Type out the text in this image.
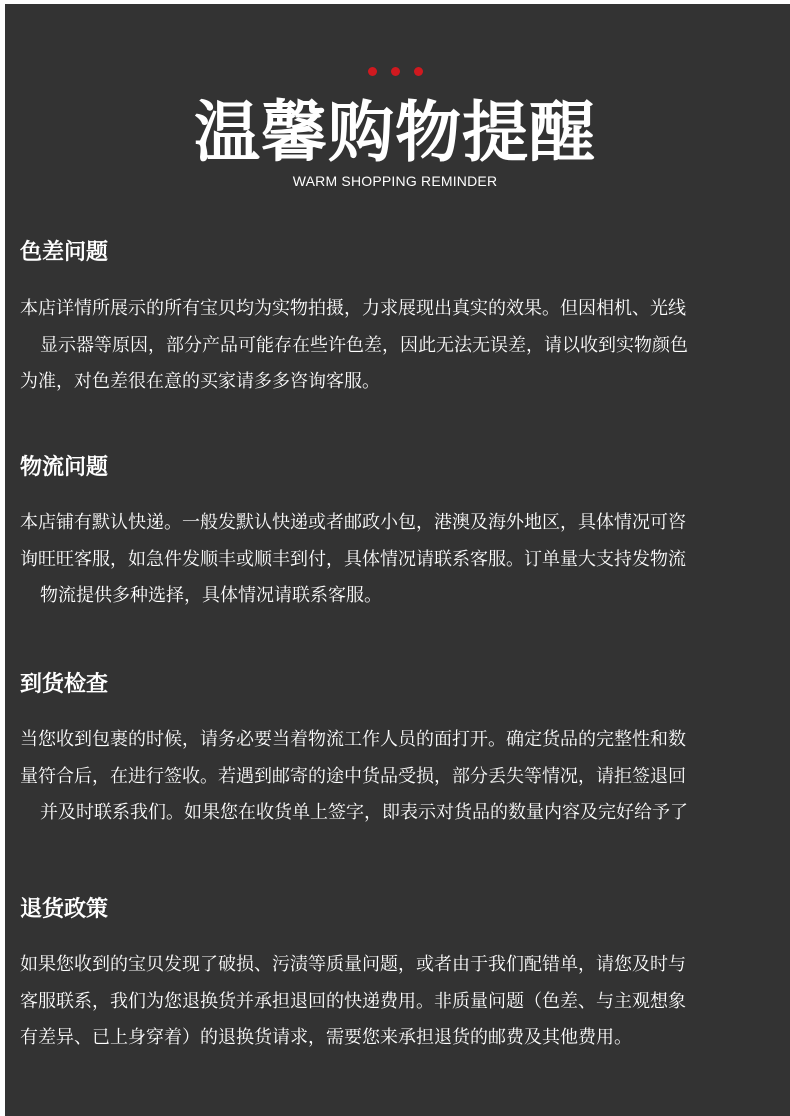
温馨购物提醒
WARM SHOPPING REMINDER
色差问题
本店详情所展示的所有宝贝均为实物拍摄，力求展现出真实的效果。但因相机、光线
显示器等原因，部分产品可能存在些许色差，因此无法无误差，请以收到实物颜色
为准，对色差很在意的买家请多多咨询客服。
物流问题
本店铺有默认快递。一般发默认快递或者邮政小包，港澳及海外地区，具体情况可咨
询旺旺客服，如急件发顺丰或顺丰到付，具体情况请联系客服。订单量大支持发物流
物流提供多种选择，具体情况请联系客服。
到货检查
当您收到包裹的时候，请务必要当着物流工作人员的面打开。确定货品的完整性和数
量符合后，在进行签收。若遇到邮寄的途中货品受损，部分丢失等情况，请拒签退回
并及时联系我们。如果您在收货单上签字，即表示对货品的数量内容及完好给予了
退货政策
如果您收到的宝贝发现了破损、污渍等质量问题，或者由于我们配错单，请您及时与
客服联系，我们为您退换货并承担退回的快递费用。非质量问题（色差、与主观想象
有差异、已上身穿着）的退换货请求，需要您来承担退货的邮费及其他费用。
